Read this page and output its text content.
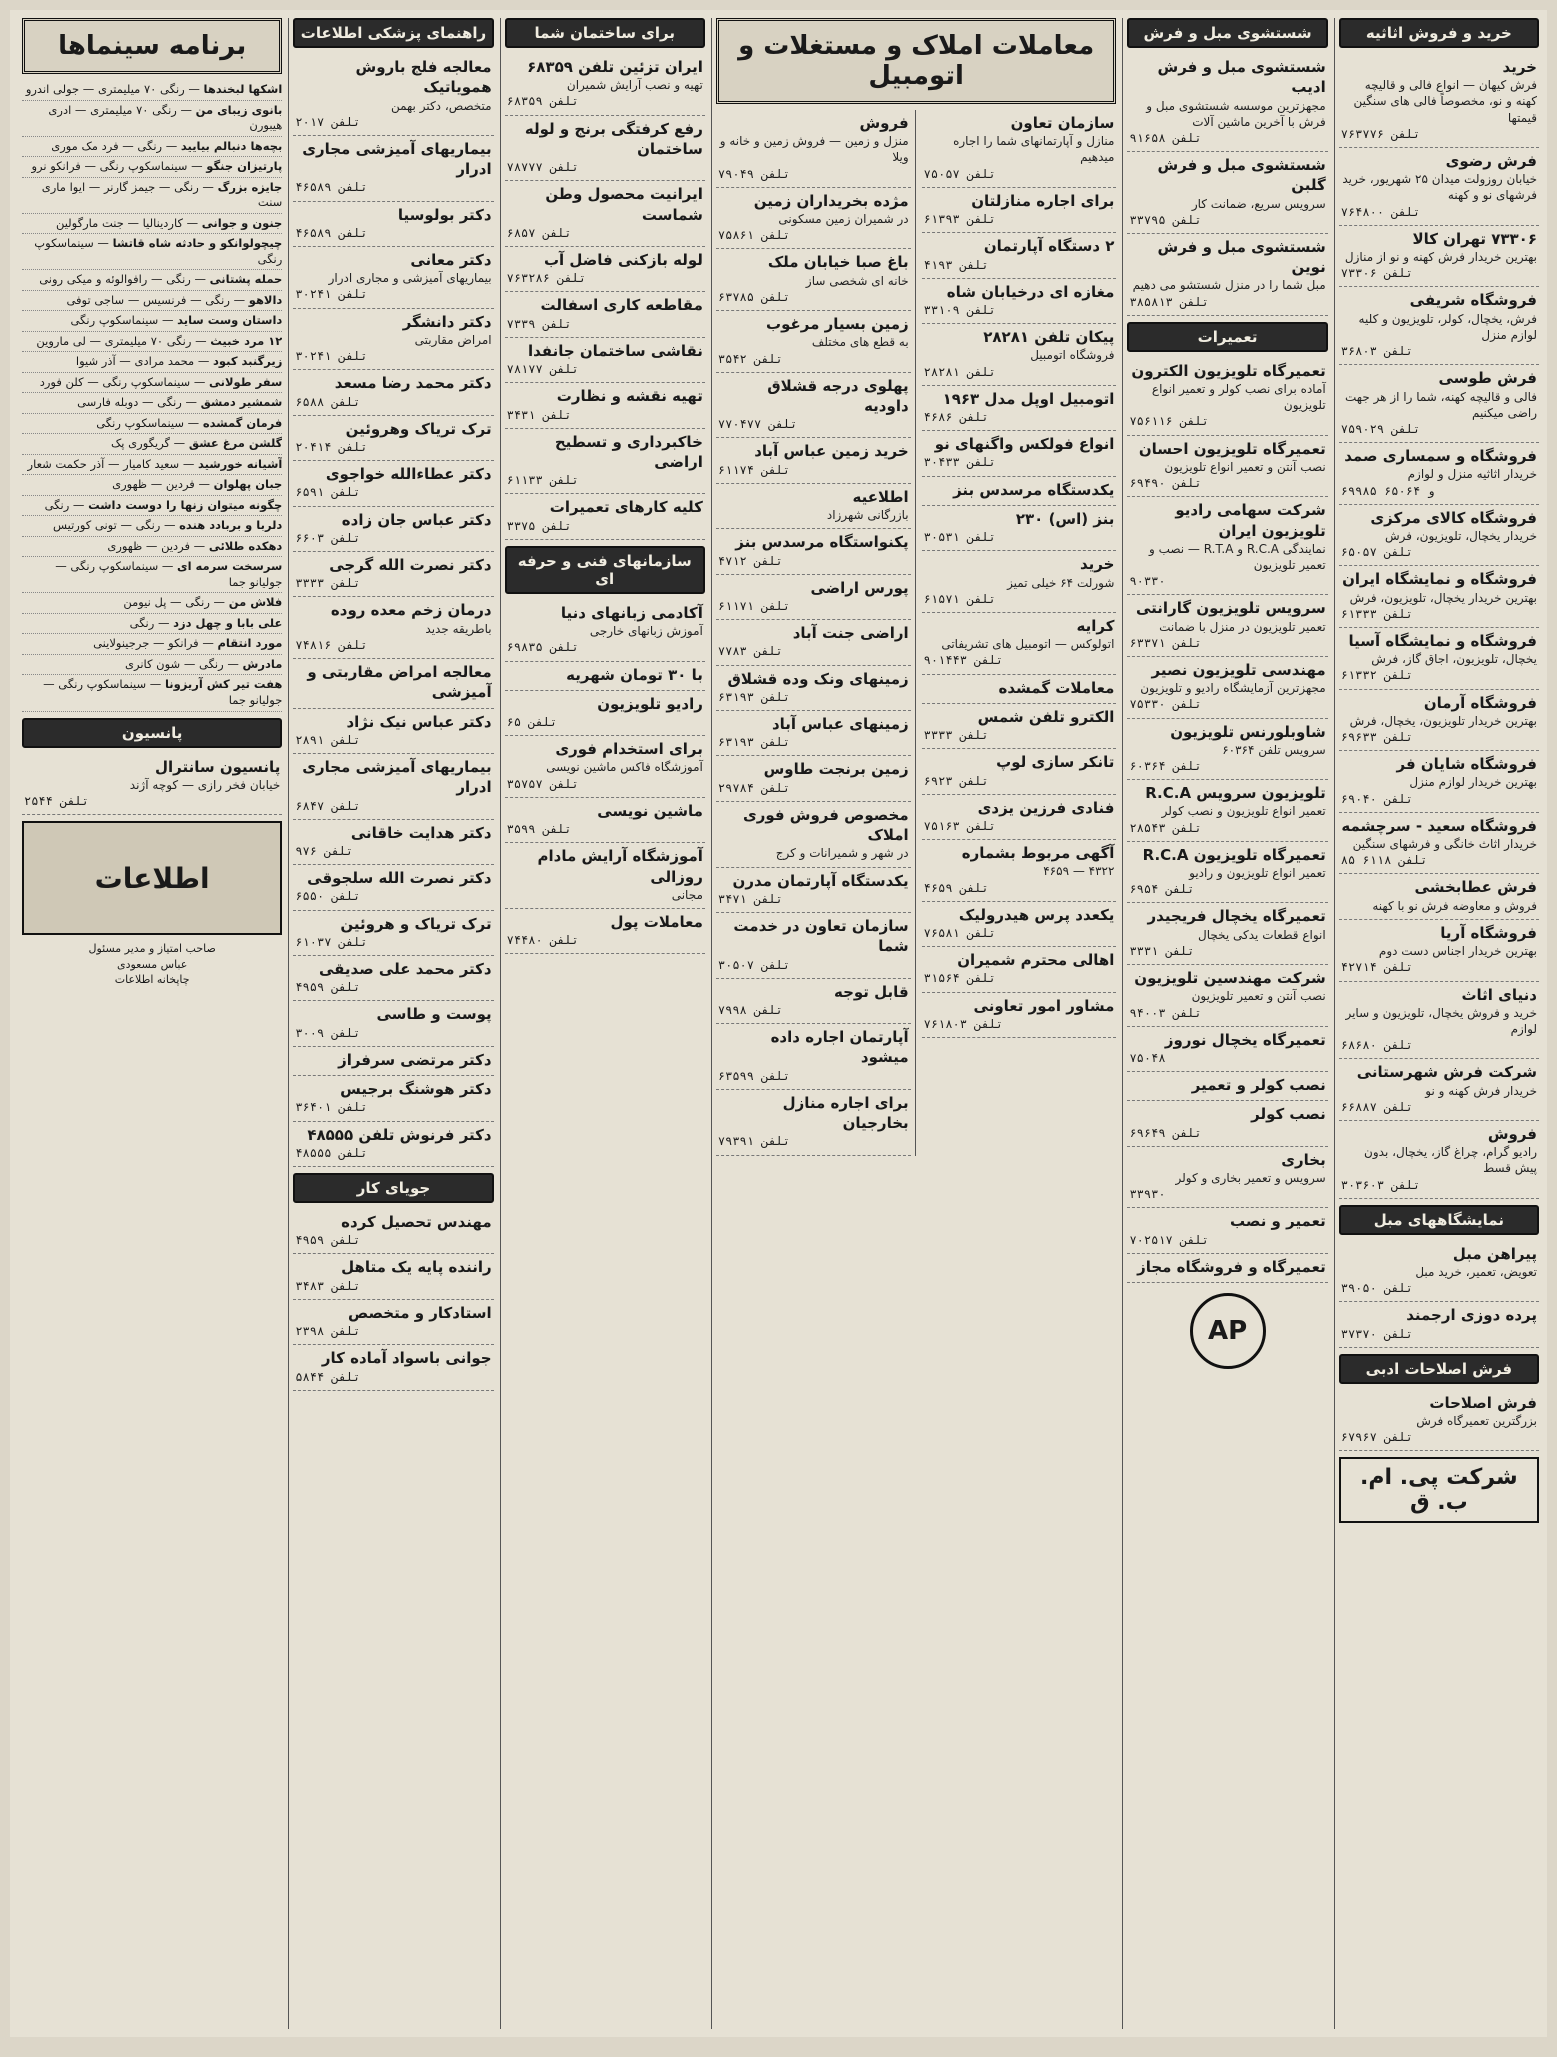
خرید و فروش اثاثیه
خرید
فرش کیهان — انواع فالی و قالیچه کهنه و نو، مخصوصاً فالی های سنگین قیمتها
تلفن ۷۶۳۷۷۶
فرش رضوی
خیابان روزولت میدان ۲۵ شهریور، خرید فرشهای نو و کهنه
تلفن ۷۶۴۸۰۰
۷۳۳۰۶ تهران کالا
بهترین خریدار فرش کهنه و نو از منازل
تلفن ۷۳۳۰۶
فروشگاه شریفی
فرش، یخچال، کولر، تلویزیون و کلیه لوازم منزل
تلفن ۳۶۸۰۳
فرش طوسی
فالی و قالیچه کهنه، شما را از هر جهت راضی میکنیم
تلفن ۷۵۹۰۲۹
فروشگاه و سمساری صمد
خریدار اثاثیه منزل و لوازم
۶۹۹۸۵ و ۶۵۰۶۴
فروشگاه کالای مرکزی
خریدار یخچال، تلویزیون، فرش
تلفن ۶۵۰۵۷
فروشگاه و نمایشگاه ایران
بهترین خریدار یخچال، تلویزیون، فرش
تلفن ۶۱۳۳۳
فروشگاه و نمایشگاه آسیا
یخچال، تلویزیون، اجاق گاز، فرش
تلفن ۶۱۳۳۲
فروشگاه آرمان
بهترین خریدار تلویزیون، یخچال، فرش
تلفن ۶۹۶۳۳
فروشگاه شایان فر
بهترین خریدار لوازم منزل
تلفن ۶۹۰۴۰
فروشگاه سعید - سرچشمه
خریدار اثاث خانگی و فرشهای سنگین
تلفن ۶۱۱۸ ۸۵
فرش عطابخشی
فروش و معاوضه فرش نو با کهنه
فروشگاه آریا
بهترین خریدار اجناس دست دوم
تلفن ۴۲۷۱۴
دنیای اثاث
خرید و فروش یخچال، تلویزیون و سایر لوازم
تلفن ۶۸۶۸۰
شرکت فرش شهرستانی
خریدار فرش کهنه و نو
تلفن ۶۶۸۸۷
فروش
رادیو گرام، چراغ گاز، یخچال، بدون پیش قسط
تلفن ۳۰۳۶۰۳
نمایشگاههای مبل
پیراهن مبل
تعویض، تعمیر، خرید مبل
تلفن ۳۹۰۵۰
پرده دوزی ارجمند
تلفن ۳۷۳۷۰
فرش اصلاحات ادبی
فرش اصلاحات
بزرگترین تعمیرگاه فرش
تلفن ۶۷۹۶۷
شرکت پی. ام. ب. ق
شستشوی مبل و فرش
شستشوی مبل و فرش ادیب
مجهزترین موسسه شستشوی مبل و فرش با آخرین ماشین آلات
تلفن ۹۱۶۵۸
شستشوی مبل و فرش گلبن
سرویس سریع، ضمانت کار
تلفن ۳۳۷۹۵
شستشوی مبل و فرش نوین
مبل شما را در منزل شستشو می دهیم
تلفن ۳۸۵۸۱۳
تعمیرات
تعمیرگاه تلویزیون الکترون
آماده برای نصب کولر و تعمیر انواع تلویزیون
تلفن ۷۵۶۱۱۶
تعمیرگاه تلویزیون احسان
نصب آنتن و تعمیر انواع تلویزیون
تلفن ۶۹۴۹۰
شرکت سهامی رادیو تلویزیون ایران
نمایندگی R.C.A و R.T.A — نصب و تعمیر تلویزیون
۹۰۳۳۰
سرویس تلویزیون گارانتی
تعمیر تلویزیون در منزل با ضمانت
تلفن ۶۳۳۷۱
مهندسی تلویزیون نصیر
مجهزترین آزمایشگاه رادیو و تلویزیون
تلفن ۷۵۳۳۰
شاوبلورنس تلویزیون
سرویس تلفن ۶۰۳۶۴
تلفن ۶۰۳۶۴
تلویزیون سرویس R.C.A
تعمیر انواع تلویزیون و نصب کولر
تلفن ۲۸۵۴۳
تعمیرگاه تلویزیون R.C.A
تعمیر انواع تلویزیون و رادیو
تلفن ۶۹۵۴
تعمیرگاه یخچال فریجیدر
انواع قطعات یدکی یخچال
تلفن ۳۳۳۱
شرکت مهندسین تلویزیون
نصب آنتن و تعمیر تلویزیون
تلفن ۹۴۰۰۳
تعمیرگاه یخچال نوروز
۷۵۰۴۸
نصب کولر و تعمیر
نصب کولر
تلفن ۶۹۶۴۹
بخاری
سرویس و تعمیر بخاری و کولر
۳۳۹۳۰
تعمیر و نصب
تلفن ۷۰۲۵۱۷
تعمیرگاه و فروشگاه مجاز
AP
معاملات املاک و مستغلات و اتومبیل
سازمان تعاون
منازل و آپارتمانهای شما را اجاره میدهیم
تلفن ۷۵۰۵۷
برای اجاره منازلتان
تلفن ۶۱۳۹۳
۲ دستگاه آپارتمان
تلفن ۴۱۹۳
مغازه ای درخیابان شاه
تلفن ۳۳۱۰۹
پیکان تلفن ۲۸۲۸۱
فروشگاه اتومبیل
تلفن ۲۸۲۸۱
اتومبیل اوپل مدل ۱۹۶۳
تلفن ۴۶۸۶
انواع فولکس واگنهای نو
تلفن ۳۰۴۳۳
یکدستگاه مرسدس بنز
بنز (اس) ۲۳۰
تلفن ۳۰۵۳۱
خرید
شورلت ۶۴ خیلی تمیز
تلفن ۶۱۵۷۱
کرایه
اتولوکس — اتومبیل های تشریفاتی
تلفن ۹۰۱۴۴۳
معاملات گمشده
الکترو تلفن شمس
تلفن ۳۳۳۳
تانکر سازی لوپ
تلفن ۶۹۲۳
فنادی فرزین یزدی
تلفن ۷۵۱۶۳
آگهی مربوط بشماره
۴۳۲۲ — ۴۶۵۹
تلفن ۴۶۵۹
یکعدد پرس هیدرولیک
تلفن ۷۶۵۸۱
اهالی محترم شمیران
تلفن ۳۱۵۶۴
مشاور امور تعاونی
تلفن ۷۶۱۸۰۳
فروش
منزل و زمین — فروش زمین و خانه و ویلا
تلفن ۷۹۰۴۹
مژده بخریداران زمین
در شمیران زمین مسکونی
تلفن ۷۵۸۶۱
باغ صبا خیابان ملک
خانه ای شخصی ساز
تلفن ۶۳۷۸۵
زمین بسیار مرغوب
به قطع های مختلف
تلفن ۳۵۴۲
پهلوی درجه قشلاق داودیه
تلفن ۷۷۰۴۷۷
خرید زمین عباس آباد
تلفن ۶۱۱۷۴
اطلاعیه
بازرگانی شهرزاد
پکنواستگاه مرسدس بنز
تلفن ۴۷۱۲
پورس اراضی
تلفن ۶۱۱۷۱
اراضی جنت آباد
تلفن ۷۷۸۳
زمینهای ونک وده قشلاق
تلفن ۶۳۱۹۳
زمینهای عباس آباد
تلفن ۶۳۱۹۳
زمین برنجت طاوس
تلفن ۲۹۷۸۴
مخصوص فروش فوری املاک
در شهر و شمیرانات و کرج
یکدستگاه آپارتمان مدرن
تلفن ۳۴۷۱
سازمان تعاون در خدمت شما
تلفن ۳۰۵۰۷
قابل توجه
تلفن ۷۹۹۸
آپارتمان اجاره داده میشود
تلفن ۶۳۵۹۹
برای اجاره منازل بخارجیان
تلفن ۷۹۳۹۱
برای ساختمان شما
ایران تزئین تلفن ۶۸۳۵۹
تهیه و نصب آرایش شمیران
تلفن ۶۸۳۵۹
رفع کرفتگی برنج و لوله ساختمان
تلفن ۷۸۷۷۷
ایرانیت محصول وطن شماست
تلفن ۶۸۵۷
لوله بازکنی فاضل آب
تلفن ۷۶۳۲۸۶
مقاطعه کاری اسفالت
تلفن ۷۳۳۹
نقاشی ساختمان جانفدا
تلفن ۷۸۱۷۷
تهیه نقشه و نظارت
تلفن ۳۴۳۱
خاکبرداری و تسطیح اراضی
تلفن ۶۱۱۳۳
کلیه کارهای تعمیرات
تلفن ۳۳۷۵
سازمانهای فنی و حرفه ای
آکادمی زبانهای دنیا
آموزش زبانهای خارجی
تلفن ۶۹۸۳۵
با ۳۰ تومان شهریه
رادیو تلویزیون
تلفن ۶۵
برای استخدام فوری
آموزشگاه فاکس ماشین نویسی
تلفن ۳۵۷۵۷
ماشین نویسی
تلفن ۳۵۹۹
آموزشگاه آرایش مادام روزالی
مجانی
معاملات پول
تلفن ۷۴۴۸۰
راهنمای پزشکی اطلاعات
معالجه فلج باروش همویاتیک
متخصص، دکتر بهمن
تلفن ۲۰۱۷
بیماریهای آمیزشی مجاری ادرار
تلفن ۴۶۵۸۹
دکتر بولوسیا
تلفن ۴۶۵۸۹
دکتر معانی
بیماریهای آمیزشی و مجاری ادرار
تلفن ۳۰۲۴۱
دکتر دانشگر
امراض مقاربتی
تلفن ۳۰۲۴۱
دکتر محمد رضا مسعد
تلفن ۶۵۸۸
ترک تریاک وهروئین
تلفن ۲۰۴۱۴
دکتر عطاءالله خواجوی
تلفن ۶۵۹۱
دکتر عباس جان زاده
تلفن ۶۶۰۳
دکتر نصرت الله گرجی
تلفن ۳۳۳۳
درمان زخم معده روده
باطریقه جدید
تلفن ۷۴۸۱۶
معالجه امراض مقاربتی و آمیزشی
دکتر عباس نیک نژاد
تلفن ۲۸۹۱
بیماریهای آمیزشی مجاری ادرار
تلفن ۶۸۴۷
دکتر هدایت خاقانی
تلفن ۹۷۶
دکتر نصرت الله سلجوقی
تلفن ۶۵۵۰
ترک تریاک و هروئین
تلفن ۶۱۰۳۷
دکتر محمد علی صدیقی
تلفن ۴۹۵۹
پوست و طاسی
تلفن ۳۰۰۹
دکتر مرتضی سرفراز
دکتر هوشنگ برجیس
تلفن ۳۶۴۰۱
دکتر فرنوش تلفن ۴۸۵۵۵
تلفن ۴۸۵۵۵
جویای کار
مهندس تحصیل کرده
تلفن ۴۹۵۹
راننده پایه یک متاهل
تلفن ۳۴۸۳
استادکار و متخصص
تلفن ۲۳۹۸
جوانی باسواد آماده کار
تلفن ۵۸۴۴
برنامه سینماها
اشکها لبخندها — رنگی ۷۰ میلیمتری — جولی اندرو
بانوی زیبای من — رنگی ۷۰ میلیمتری — ادری هیبورن
بچه‌ها دنبالم بیایید — رنگی — فرد مک موری
پارتیزان جنگو — سینماسکوپ رنگی — فرانکو نرو
جایزه بزرگ — رنگی — جیمز گارنر — ایوا ماری سنت
جنون و جوانی — کاردینالیا — جنت مارگولین
چیچولوانکو و حادثه شاه قاتشا — سینماسکوپ رنگی
حمله پشتانی — رنگی — رافوالوئه و میکی رونی
دالاهو — رنگی — فرنسیس — ساجی توفی
داستان وست ساید — سینماسکوپ رنگی
۱۲ مرد خبیث — رنگی ۷۰ میلیمتری — لی ماروین
زیرگنبد کبود — محمد مرادی — آذر شیوا
سفر طولانی — سینماسکوپ رنگی — کلن فورد
شمشیر دمشق — رنگی — دوبله فارسی
فرمان گمشده — سینماسکوپ رنگی
گلشن مرغ عشق — گریگوری پک
آشیانه خورشید — سعید کامیار — آذر حکمت شعار
جبان پهلوان — فردین — ظهوری
چگونه میتوان زنها را دوست داشت — رنگی
دلربا و بربادد هنده — رنگی — تونی کورتیس
دهکده طلائی — فردین — ظهوری
سرسخت سرمه ای — سینماسکوپ رنگی — جولیانو جما
فلاش من — رنگی — پل نیومن
علی بابا و چهل دزد — رنگی
مورد انتقام — فرانکو — جرجینولاینی
مادرش — رنگی — شون کانری
هفت تیر کش آریزونا — سینماسکوپ رنگی — جولیانو جما
پانسیون
پانسیون سانترال
خیابان فخر رازی — کوچه آژند
تلفن ۲۵۴۴
اطلاعات
صاحب امتیاز و مدیر مسئول
عباس مسعودی
چاپخانه اطلاعات
